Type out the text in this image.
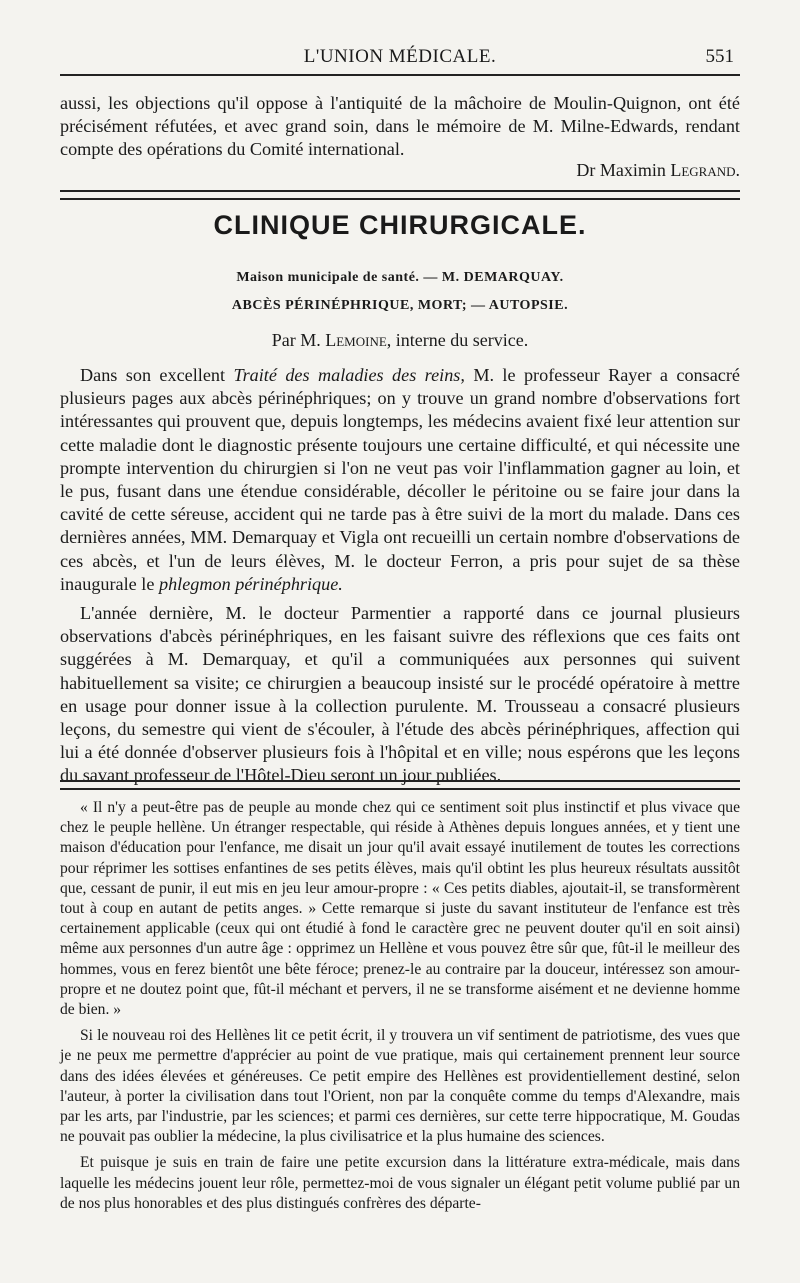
L'UNION MÉDICALE.	551

aussi, les objections qu'il oppose à l'antiquité de la mâchoire de Moulin-Quignon, ont été précisément réfutées, et avec grand soin, dans le mémoire de M. Milne-Edwards, rendant compte des opérations du Comité international.

Dr Maximin Legrand.
CLINIQUE CHIRURGICALE.
Maison municipale de santé. — M. DEMARQUAY.
ABCÈS PÉRINÉPHRIQUE, MORT; — AUTOPSIE.
Par M. Lemoine, interne du service.

Dans son excellent Traité des maladies des reins, M. le professeur Rayer a consacré plusieurs pages aux abcès périnéphriques; on y trouve un grand nombre d'observations fort intéressantes qui prouvent que, depuis longtemps, les médecins avaient fixé leur attention sur cette maladie dont le diagnostic présente toujours une certaine difficulté, et qui nécessite une prompte intervention du chirurgien si l'on ne veut pas voir l'inflammation gagner au loin, et le pus, fusant dans une étendue considérable, décoller le péritoine ou se faire jour dans la cavité de cette séreuse, accident qui ne tarde pas à être suivi de la mort du malade. Dans ces dernières années, MM. Demarquay et Vigla ont recueilli un certain nombre d'observations de ces abcès, et l'un de leurs élèves, M. le docteur Ferron, a pris pour sujet de sa thèse inaugurale le phlegmon périnéphrique.

L'année dernière, M. le docteur Parmentier a rapporté dans ce journal plusieurs observations d'abcès périnéphriques, en les faisant suivre des réflexions que ces faits ont suggérées à M. Demarquay, et qu'il a communiquées aux personnes qui suivent habituellement sa visite; ce chirurgien a beaucoup insisté sur le procédé opératoire à mettre en usage pour donner issue à la collection purulente. M. Trousseau a consacré plusieurs leçons, du semestre qui vient de s'écouler, à l'étude des abcès périnéphriques, affection qui lui a été donnée d'observer plusieurs fois à l'hôpital et en ville; nous espérons que les leçons du savant professeur de l'Hôtel-Dieu seront un jour publiées.

« Il n'y a peut-être pas de peuple au monde chez qui ce sentiment soit plus instinctif et plus vivace que chez le peuple hellène. Un étranger respectable, qui réside à Athènes depuis longues années, et y tient une maison d'éducation pour l'enfance, me disait un jour qu'il avait essayé inutilement de toutes les corrections pour réprimer les sottises enfantines de ses petits élèves, mais qu'il obtint les plus heureux résultats aussitôt que, cessant de punir, il eut mis en jeu leur amour-propre : « Ces petits diables, ajoutait-il, se transformèrent tout à coup en autant de petits anges. » Cette remarque si juste du savant instituteur de l'enfance est très certainement applicable (ceux qui ont étudié à fond le caractère grec ne peuvent douter qu'il en soit ainsi) même aux personnes d'un autre âge : opprimez un Hellène et vous pouvez être sûr que, fût-il le meilleur des hommes, vous en ferez bientôt une bête féroce; prenez-le au contraire par la douceur, intéressez son amour-propre et ne doutez point que, fût-il méchant et pervers, il ne se transforme aisément et ne devienne homme de bien. »

Si le nouveau roi des Hellènes lit ce petit écrit, il y trouvera un vif sentiment de patriotisme, des vues que je ne peux me permettre d'apprécier au point de vue pratique, mais qui certainement prennent leur source dans des idées élevées et généreuses. Ce petit empire des Hellènes est providentiellement destiné, selon l'auteur, à porter la civilisation dans tout l'Orient, non par la conquête comme du temps d'Alexandre, mais par les arts, par l'industrie, par les sciences; et parmi ces dernières, sur cette terre hippocratique, M. Goudas ne pouvait pas oublier la médecine, la plus civilisatrice et la plus humaine des sciences.

Et puisque je suis en train de faire une petite excursion dans la littérature extra-médicale, mais dans laquelle les médecins jouent leur rôle, permettez-moi de vous signaler un élégant petit volume publié par un de nos plus honorables et des plus distingués confrères des départe-
